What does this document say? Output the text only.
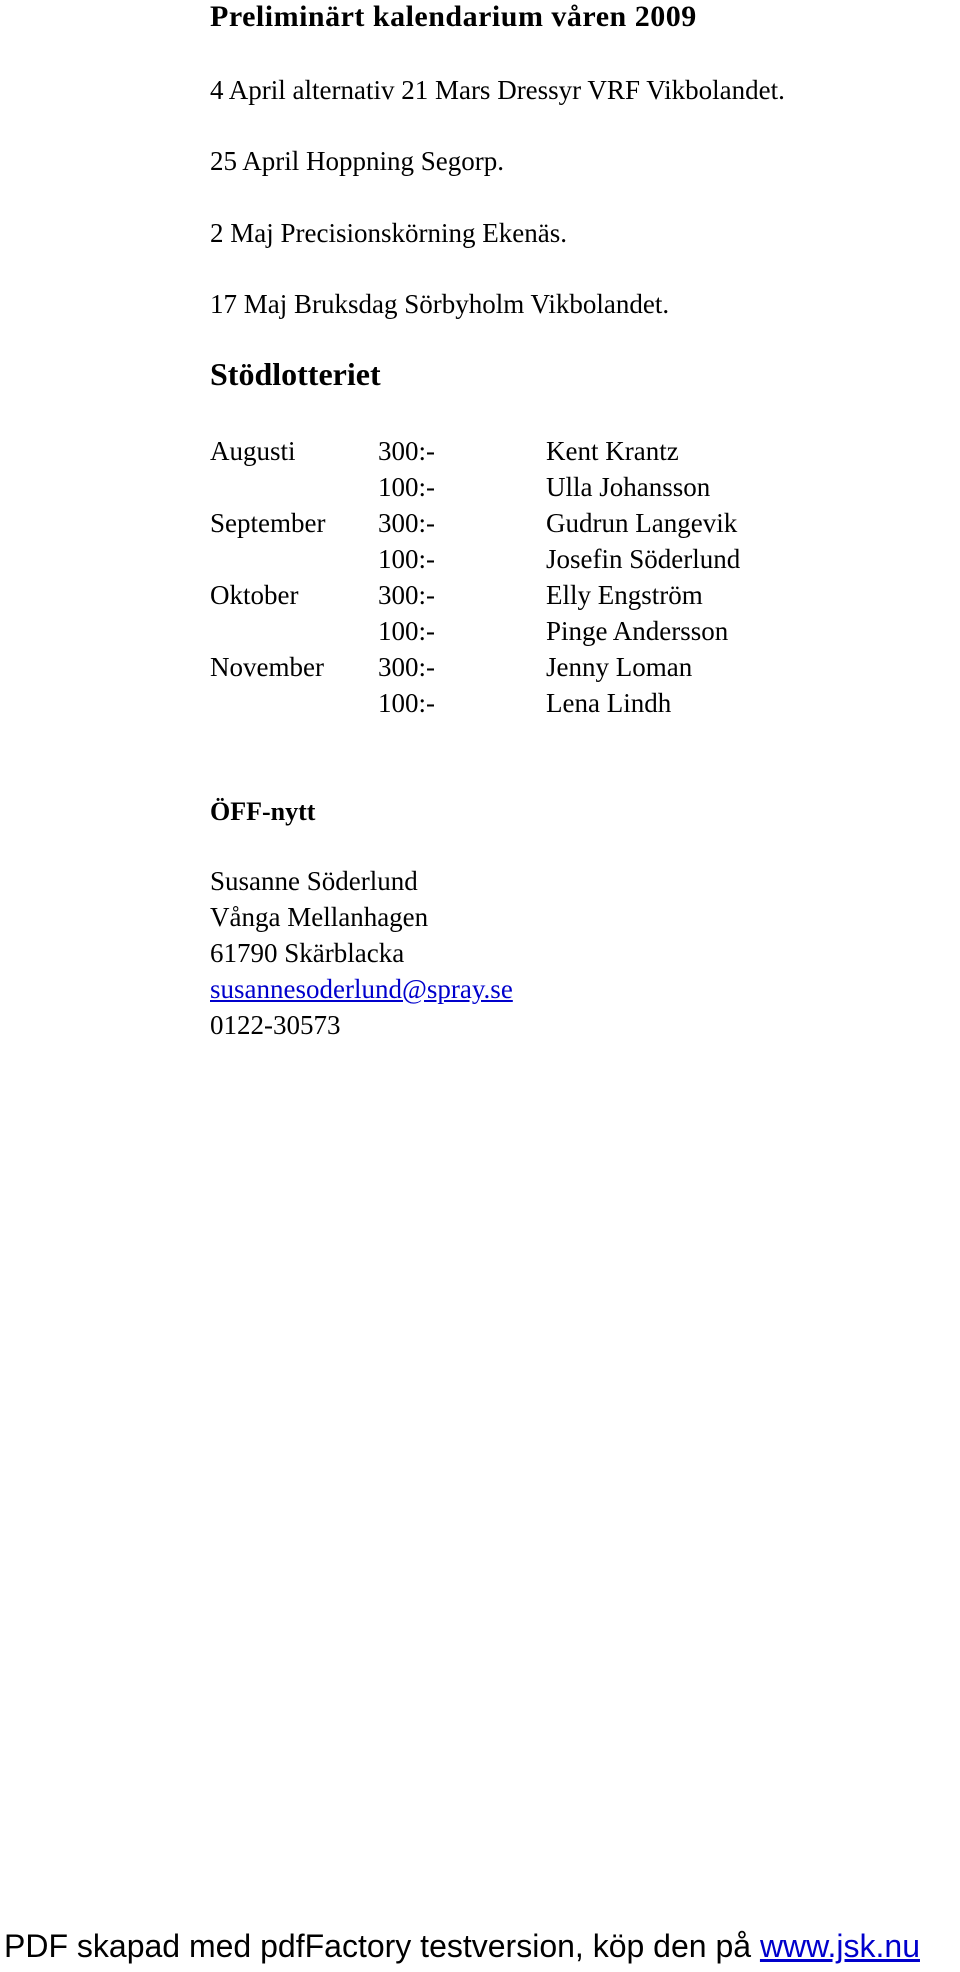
Preliminärt kalendarium våren 2009
4 April alternativ 21 Mars Dressyr VRF Vikbolandet.
25 April Hoppning Segorp.
2 Maj Precisionskörning Ekenäs.
17 Maj Bruksdag Sörbyholm Vikbolandet.
Stödlotteriet
Augusti	300:-	Kent Krantz
100:-	Ulla Johansson
September 300:-	Gudrun Langevik
100:-	Josefin Söderlund
Oktober	300:-	Elly Engström
100:-	Pinge Andersson
November 300:-	Jenny Loman
100:-	Lena Lindh
ÖFF-nytt
Susanne Söderlund
Vånga Mellanhagen
61790 Skärblacka
susannesoderlund@spray.se
0122-30573
PDF skapad med pdfFactory testversion, köp den på www.jsk.nu
